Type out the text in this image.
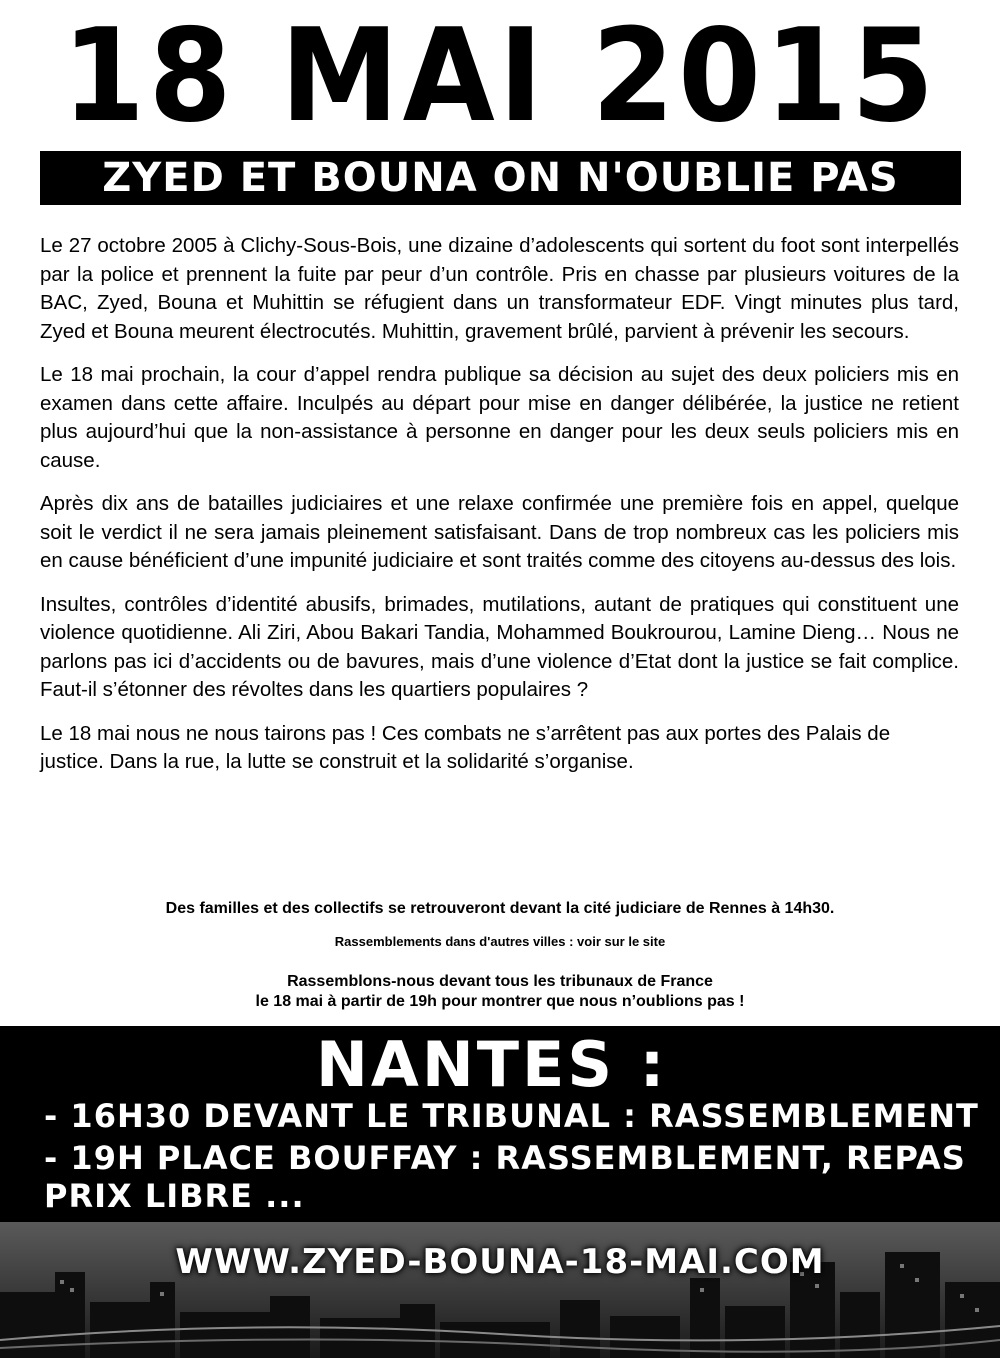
18 MAI 2015
ZYED ET BOUNA ON N'OUBLIE PAS

Le 27 octobre 2005 à Clichy-Sous-Bois, une dizaine d’adolescents qui sortent du foot sont interpellés par la police et prennent la fuite par peur d’un contrôle. Pris en chasse par plusieurs voitures de la BAC, Zyed, Bouna et Muhittin se réfugient dans un transformateur EDF. Vingt minutes plus tard, Zyed et Bouna meurent électrocutés. Muhittin, gravement brûlé, parvient à prévenir les secours.

Le 18 mai prochain, la cour d’appel rendra publique sa décision au sujet des deux policiers mis en examen dans cette affaire. Inculpés au départ pour mise en danger délibérée, la justice ne retient plus aujourd’hui que la non-assistance à personne en danger pour les deux seuls policiers mis en cause.

Après dix ans de batailles judiciaires et une relaxe confirmée une première fois en appel, quelque soit le verdict il ne sera jamais pleinement satisfaisant. Dans de trop nombreux cas les policiers mis en cause bénéficient d’une impunité judiciaire et sont traités comme des citoyens au-dessus des lois.

Insultes, contrôles d’identité abusifs, brimades, mutilations, autant de pratiques qui constituent une violence quotidienne. Ali Ziri, Abou Bakari Tandia, Mohammed Boukrourou, Lamine Dieng… Nous ne parlons pas ici d’accidents ou de bavures, mais d’une violence d’Etat dont la justice se fait complice. Faut-il s’étonner des révoltes dans les quartiers populaires ?

Le 18 mai nous ne nous tairons pas ! Ces combats ne s’arrêtent pas aux portes des Palais de justice. Dans la rue, la lutte se construit et la solidarité s’organise.

Des familles et des collectifs se retrouveront devant la cité judiciare de Rennes à 14h30.
Rassemblements dans d'autres villes : voir sur le site
Rassemblons-nous devant tous les tribunaux de France
le 18 mai à partir de 19h pour montrer que nous n’oublions pas !
NANTES :
- 16H30 DEVANT LE TRIBUNAL : RASSEMBLEMENT
- 19H PLACE BOUFFAY : RASSEMBLEMENT, REPAS
PRIX LIBRE ...
WWW.ZYED-BOUNA-18-MAI.COM
